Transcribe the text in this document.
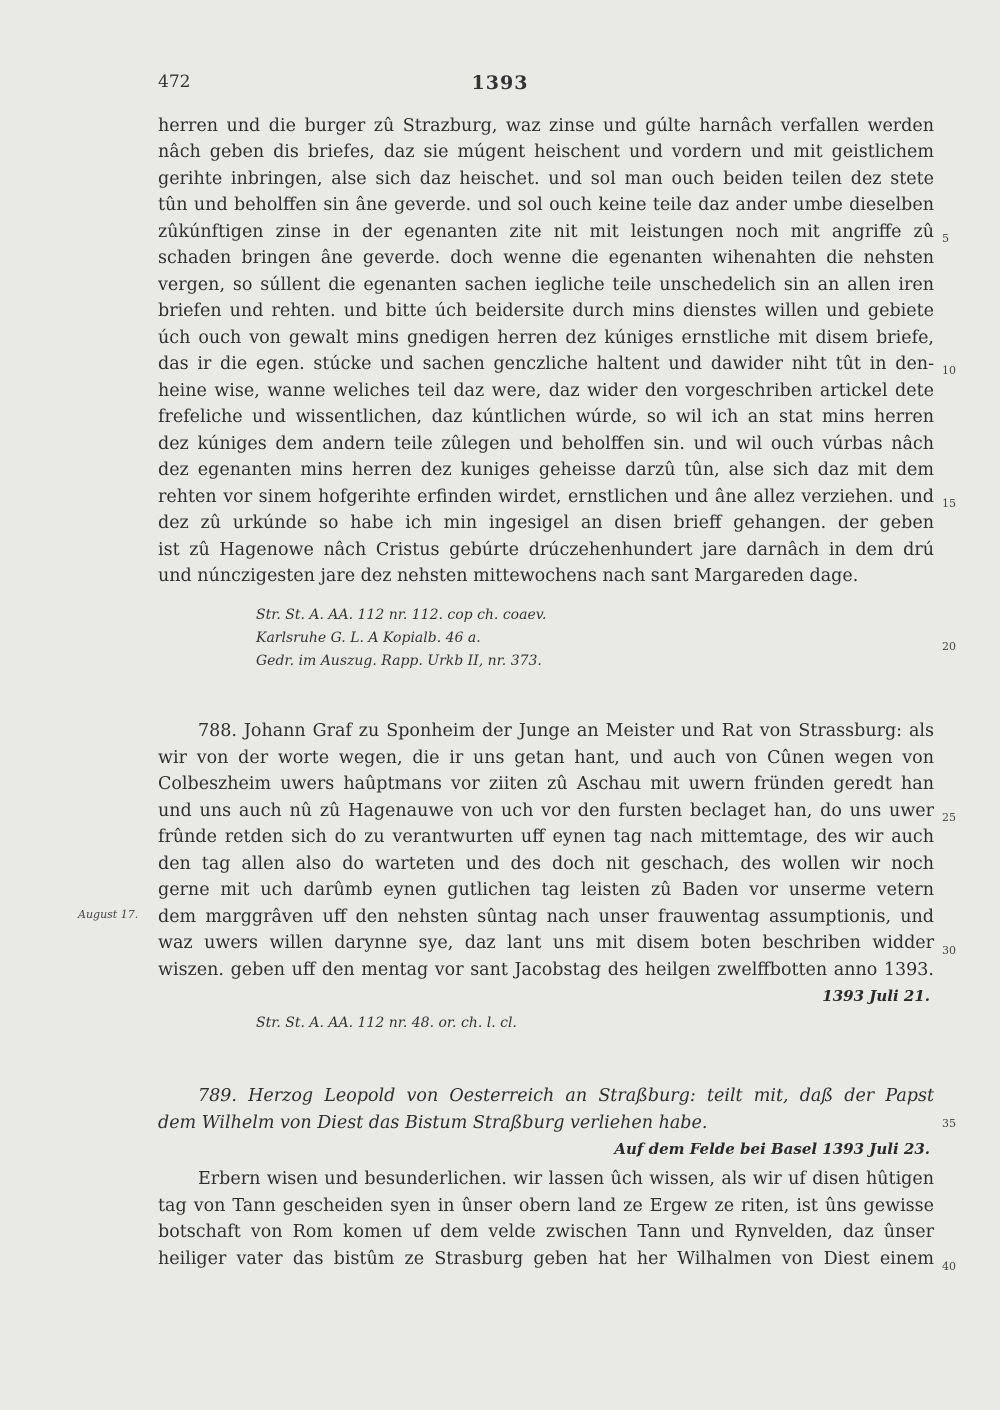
472	1393
herren und die burger zû Strazburg, waz zinse und gúlte harnâch verfallen werden
nâch geben dis briefes, daz sie múgent heischent und vordern und mit geistlichem
gerihte inbringen, alse sich daz heischet. und sol man ouch beiden teilen dez stete
tûn und beholffen sin âne geverde. und sol ouch keine teile daz ander umbe dieselben
zûkúnftigen zinse in der egenanten zite nit mit leistungen noch mit angriffe zû
schaden bringen âne geverde. doch wenne die egenanten wihenahten die nehsten
vergen, so súllent die egenanten sachen iegliche teile unschedelich sin an allen iren
briefen und rehten. und bitte úch beidersite durch mins dienstes willen und gebiete
úch ouch von gewalt mins gnedigen herren dez kúniges ernstliche mit disem briefe,
das ir die egen. stúcke und sachen genczliche haltent und dawider niht tût in den-
heine wise, wanne weliches teil daz were, daz wider den vorgeschriben artickel dete
frefeliche und wissentlichen, daz kúntlichen wúrde, so wil ich an stat mins herren
dez kúniges dem andern teile zûlegen und beholffen sin. und wil ouch vúrbas nâch
dez egenanten mins herren dez kuniges geheisse darzû tûn, alse sich daz mit dem
rehten vor sinem hofgerihte erfinden wirdet, ernstlichen und âne allez verziehen. und
dez zû urkúnde so habe ich min ingesigel an disen brieff gehangen. der geben
ist zû Hagenowe nâch Cristus gebúrte drúczehenhundert jare darnâch in dem drú
und núnczigesten jare dez nehsten mittewochens nach sant Margareden dage.
Str. St. A. AA. 112 nr. 112. cop ch. coaev.
Karlsruhe G. L. A Kopialb. 46 a.
Gedr. im Auszug. Rapp. Urkb II, nr. 373.
788. Johann Graf zu Sponheim der Junge an Meister und Rat von Strassburg: als
wir von der worte wegen, die ir uns getan hant, und auch von Cûnen wegen von
Colbeszheim uwers haûptmans vor ziiten zû Aschau mit uwern fründen geredt han
und uns auch nû zû Hagenauwe von uch vor den fursten beclaget han, do uns uwer
frûnde retden sich do zu verantwurten uff eynen tag nach mittemtage, des wir auch
den tag allen also do warteten und des doch nit geschach, des wollen wir noch
gerne mit uch darûmb eynen gutlichen tag leisten zû Baden vor unserme vetern
dem marggrâven uff den nehsten sûntag nach unser frauwentag assumptionis, und
waz uwers willen darynne sye, daz lant uns mit disem boten beschriben widder
wiszen. geben uff den mentag vor sant Jacobstag des heilgen zwelffbotten anno 1393.
1393 Juli 21.
Str. St. A. AA. 112 nr. 48. or. ch. l. cl.
August 17.
789. Herzog Leopold von Oesterreich an Straßburg: teilt mit, daß der Papst
dem Wilhelm von Diest das Bistum Straßburg verliehen habe.
Auf dem Felde bei Basel 1393 Juli 23.
Erbern wisen und besunderlichen. wir lassen ûch wissen, als wir uf disen hûtigen
tag von Tann gescheiden syen in ûnser obern land ze Ergew ze riten, ist ûns gewisse
botschaft von Rom komen uf dem velde zwischen Tann und Rynvelden, daz ûnser
heiliger vater das bistûm ze Strasburg geben hat her Wilhalmen von Diest einem
5
10
15
20
25
30
35
40
